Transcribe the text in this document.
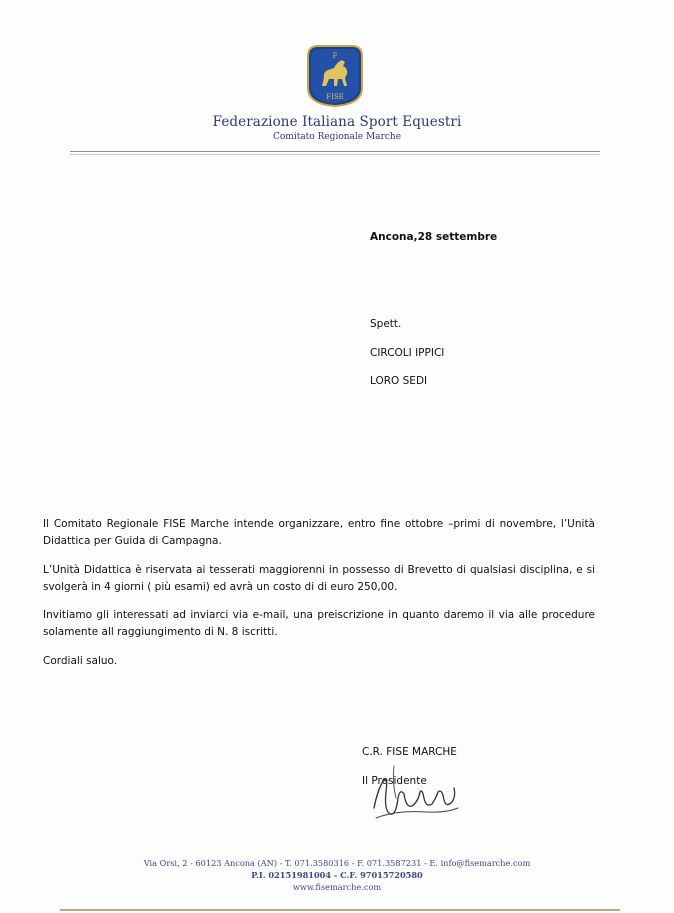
F
FISE
Federazione Italiana Sport Equestri
Comitato Regionale Marche
Ancona,28 settembre
Spett.
CIRCOLI IPPICI
LORO SEDI
Il Comitato Regionale FISE Marche intende organizzare, entro fine ottobre –primi di novembre, l’Unità Didattica per Guida di Campagna.
L’Unità Didattica è riservata ai tesserati maggiorenni in possesso di Brevetto di qualsiasi disciplina, e si svolgerà in 4 giorni ( più esami) ed avrà un costo di di euro 250,00.
Invitiamo gli interessati ad inviarci via e-mail, una preiscrizione in quanto daremo il via alle procedure solamente all raggiungimento di N. 8 iscritti.
Cordiali saluo.
C.R. FISE MARCHE
Il Presidente
Via Orsi, 2 - 60123 Ancona (AN) - T. 071.3580316 - F. 071.3587231 - E. info@fisemarche.com
P.I. 02151981004 - C.F. 97015720580
www.fisemarche.com
